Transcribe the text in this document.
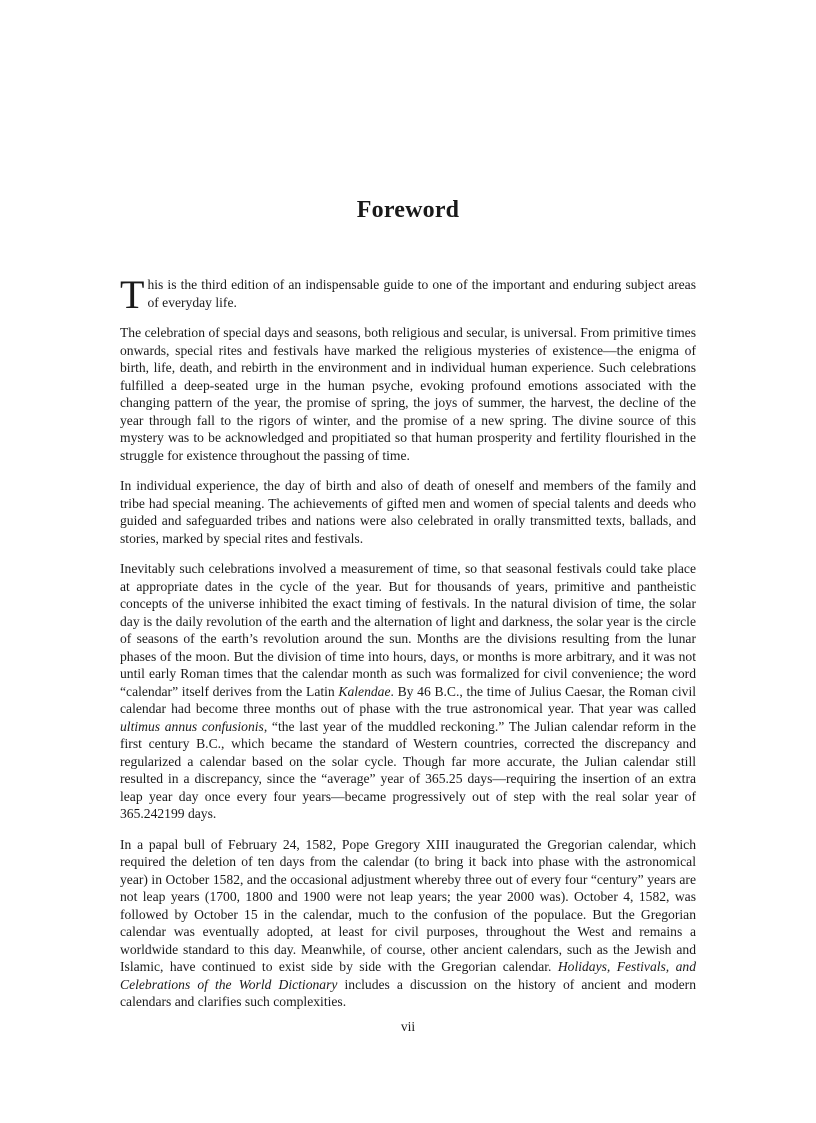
Foreword

This is the third edition of an indispensable guide to one of the important and enduring subject areas of everyday life.

The celebration of special days and seasons, both religious and secular, is universal. From primitive times onwards, special rites and festivals have marked the religious mysteries of existence—the enigma of birth, life, death, and rebirth in the environment and in individual human experience. Such celebrations fulfilled a deep-seated urge in the human psyche, evoking profound emotions associated with the changing pattern of the year, the promise of spring, the joys of summer, the harvest, the decline of the year through fall to the rigors of winter, and the promise of a new spring. The divine source of this mystery was to be acknowledged and propitiated so that human prosperity and fertility flourished in the struggle for existence throughout the passing of time.

In individual experience, the day of birth and also of death of oneself and members of the family and tribe had special meaning. The achievements of gifted men and women of special talents and deeds who guided and safeguarded tribes and nations were also celebrated in orally transmitted texts, ballads, and stories, marked by special rites and festivals.

Inevitably such celebrations involved a measurement of time, so that seasonal festivals could take place at appropriate dates in the cycle of the year. But for thousands of years, primitive and pantheistic concepts of the universe inhibited the exact timing of festivals. In the natural division of time, the solar day is the daily revolution of the earth and the alternation of light and darkness, the solar year is the circle of seasons of the earth’s revolution around the sun. Months are the divisions resulting from the lunar phases of the moon. But the division of time into hours, days, or months is more arbitrary, and it was not until early Roman times that the calendar month as such was formalized for civil convenience; the word “calendar” itself derives from the Latin Kalendae. By 46 B.C., the time of Julius Caesar, the Roman civil calendar had become three months out of phase with the true astronomical year. That year was called ultimus annus confusionis, “the last year of the muddled reckoning.” The Julian calendar reform in the first century B.C., which became the standard of Western countries, corrected the discrepancy and regularized a calendar based on the solar cycle. Though far more accurate, the Julian calendar still resulted in a discrepancy, since the “average” year of 365.25 days—requiring the insertion of an extra leap year day once every four years—became progressively out of step with the real solar year of 365.242199 days.

In a papal bull of February 24, 1582, Pope Gregory XIII inaugurated the Gregorian calendar, which required the deletion of ten days from the calendar (to bring it back into phase with the astronomical year) in October 1582, and the occasional adjustment whereby three out of every four “century” years are not leap years (1700, 1800 and 1900 were not leap years; the year 2000 was). October 4, 1582, was followed by October 15 in the calendar, much to the confusion of the populace. But the Gregorian calendar was eventually adopted, at least for civil purposes, throughout the West and remains a worldwide standard to this day. Meanwhile, of course, other ancient calendars, such as the Jewish and Islamic, have continued to exist side by side with the Gregorian calendar. Holidays, Festivals, and Celebrations of the World Dictionary includes a discussion on the history of ancient and modern calendars and clarifies such complexities.

vii
